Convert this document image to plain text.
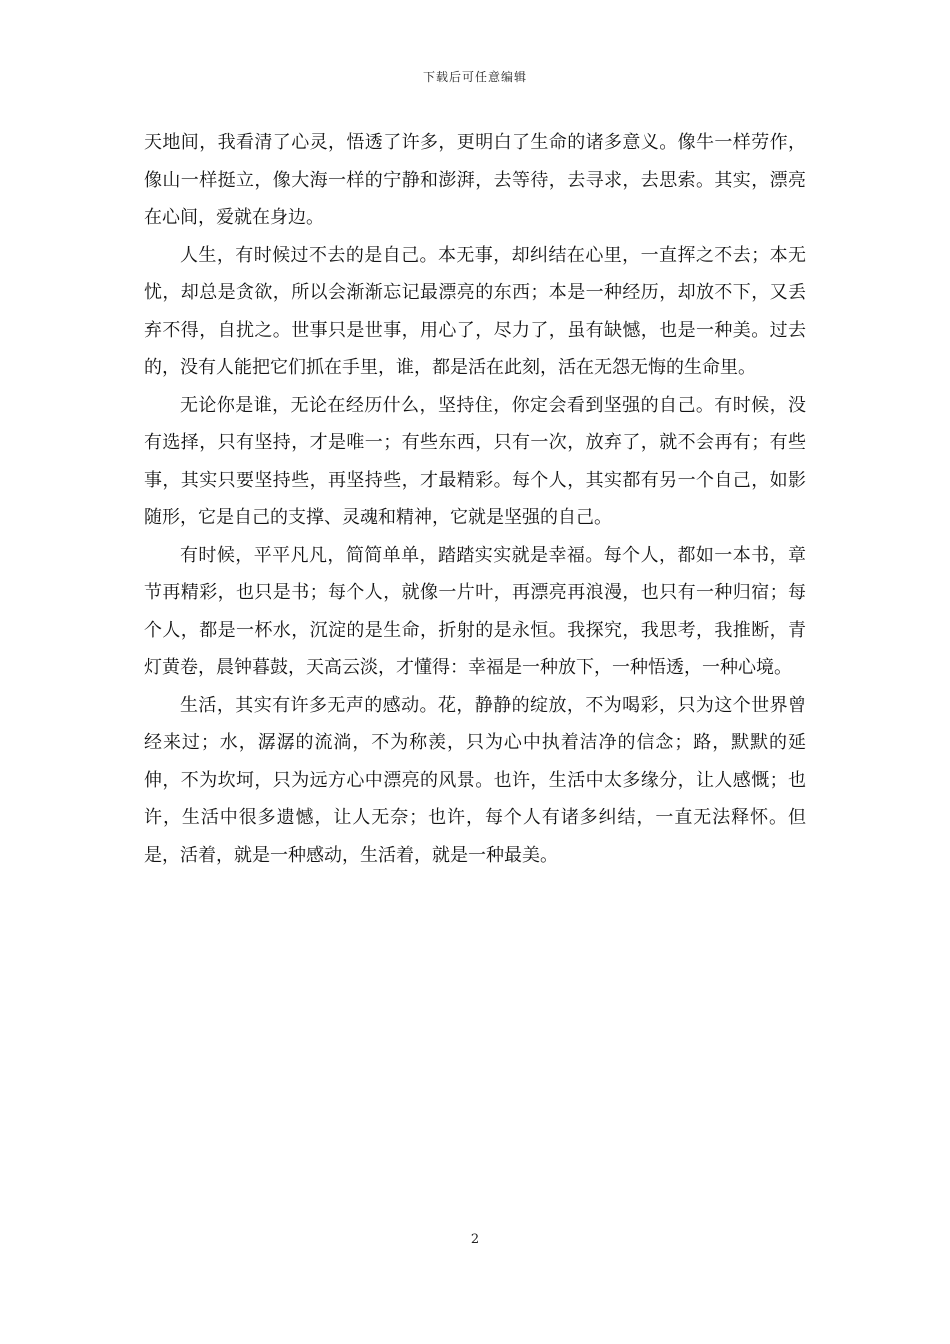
下载后可任意编辑

天地间，我看清了心灵，悟透了许多，更明白了生命的诸多意义。像牛一样劳作，像山一样挺立，像大海一样的宁静和澎湃，去等待，去寻求，去思索。其实，漂亮在心间，爱就在身边。

人生，有时候过不去的是自己。本无事，却纠结在心里，一直挥之不去；本无忧，却总是贪欲，所以会渐渐忘记最漂亮的东西；本是一种经历，却放不下，又丢弃不得，自扰之。世事只是世事，用心了，尽力了，虽有缺憾，也是一种美。过去的，没有人能把它们抓在手里，谁，都是活在此刻，活在无怨无悔的生命里。

无论你是谁，无论在经历什么，坚持住，你定会看到坚强的自己。有时候，没有选择，只有坚持，才是唯一；有些东西，只有一次，放弃了，就不会再有；有些事，其实只要坚持些，再坚持些，才最精彩。每个人，其实都有另一个自己，如影随形，它是自己的支撑、灵魂和精神，它就是坚强的自己。

有时候，平平凡凡，简简单单，踏踏实实就是幸福。每个人，都如一本书，章节再精彩，也只是书；每个人，就像一片叶，再漂亮再浪漫，也只有一种归宿；每个人，都是一杯水，沉淀的是生命，折射的是永恒。我探究，我思考，我推断，青灯黄卷，晨钟暮鼓，天高云淡，才懂得：幸福是一种放下，一种悟透，一种心境。

生活，其实有许多无声的感动。花，静静的绽放，不为喝彩，只为这个世界曾经来过；水，潺潺的流淌，不为称羡，只为心中执着洁净的信念；路，默默的延伸，不为坎坷，只为远方心中漂亮的风景。也许，生活中太多缘分，让人感慨；也许，生活中很多遗憾，让人无奈；也许，每个人有诸多纠结，一直无法释怀。但是，活着，就是一种感动，生活着，就是一种最美。

2
